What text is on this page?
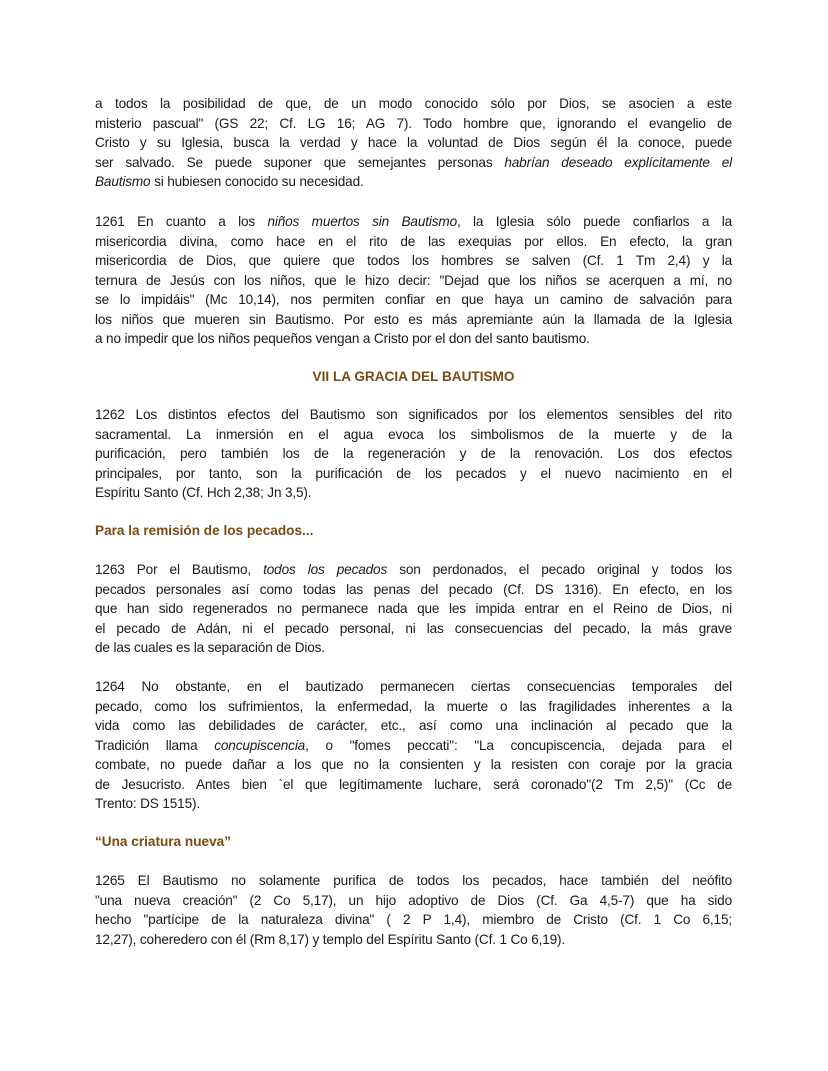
a todos la posibilidad de que, de un modo conocido sólo por Dios, se asocien a este
misterio pascual" (GS 22; Cf. LG 16; AG 7). Todo hombre que, ignorando el evangelio de
Cristo y su Iglesia, busca la verdad y hace la voluntad de Dios según él la conoce, puede
ser salvado. Se puede suponer que semejantes personas habrían deseado explícitamente el
Bautismo si hubiesen conocido su necesidad.
1261 En cuanto a los niños muertos sin Bautismo, la Iglesia sólo puede confiarlos a la
misericordia divina, como hace en el rito de las exequias por ellos. En efecto, la gran
misericordia de Dios, que quiere que todos los hombres se salven (Cf. 1 Tm 2,4) y la
ternura de Jesús con los niños, que le hizo decir: "Dejad que los niños se acerquen a mí, no
se lo impidáis" (Mc 10,14), nos permiten confiar en que haya un camino de salvación para
los niños que mueren sin Bautismo. Por esto es más apremiante aún la llamada de la Iglesia
a no impedir que los niños pequeños vengan a Cristo por el don del santo bautismo.
VII LA GRACIA DEL BAUTISMO
1262 Los distintos efectos del Bautismo son significados por los elementos sensibles del rito
sacramental. La inmersión en el agua evoca los simbolismos de la muerte y de la
purificación, pero también los de la regeneración y de la renovación. Los dos efectos
principales, por tanto, son la purificación de los pecados y el nuevo nacimiento en el
Espíritu Santo (Cf. Hch 2,38; Jn 3,5).
Para la remisión de los pecados...
1263 Por el Bautismo, todos los pecados son perdonados, el pecado original y todos los
pecados personales así como todas las penas del pecado (Cf. DS 1316). En efecto, en los
que han sido regenerados no permanece nada que les impida entrar en el Reino de Dios, ni
el pecado de Adán, ni el pecado personal, ni las consecuencias del pecado, la más grave
de las cuales es la separación de Dios.
1264 No obstante, en el bautizado permanecen ciertas consecuencias temporales del
pecado, como los sufrimientos, la enfermedad, la muerte o las fragilidades inherentes a la
vida como las debilidades de carácter, etc., así como una inclinación al pecado que la
Tradición llama concupiscencia, o "fomes peccati": "La concupiscencia, dejada para el
combate, no puede dañar a los que no la consienten y la resisten con coraje por la gracia
de Jesucristo. Antes bien `el que legítimamente luchare, será coronado"(2 Tm 2,5)" (Cc de
Trento: DS 1515).
“Una criatura nueva”
1265 El Bautismo no solamente purifica de todos los pecados, hace también del neófito
"una nueva creación" (2 Co 5,17), un hijo adoptivo de Dios (Cf. Ga 4,5-7) que ha sido
hecho "partícipe de la naturaleza divina" ( 2 P 1,4), miembro de Cristo (Cf. 1 Co 6,15;
12,27), coheredero con él (Rm 8,17) y templo del Espíritu Santo (Cf. 1 Co 6,19).
